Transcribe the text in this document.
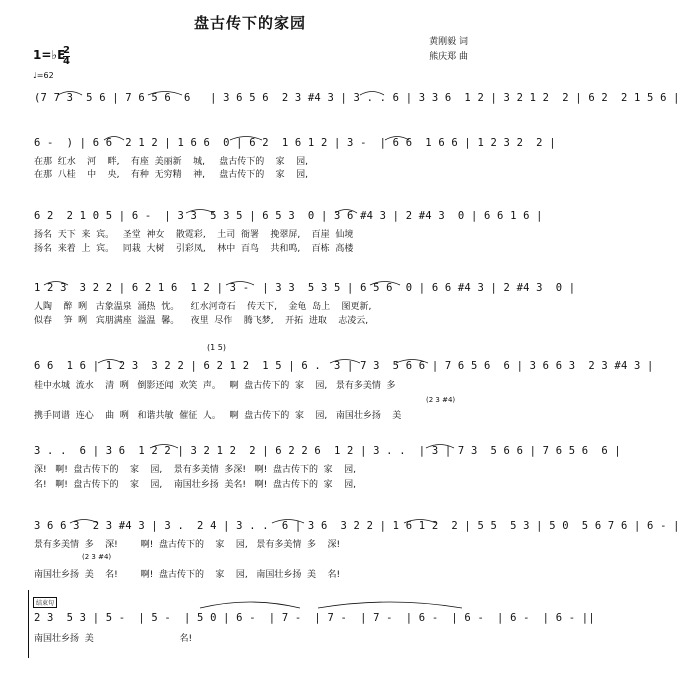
盘古传下的家园
1=♭E
2
4
♩=62
黄刚毅 词
熊庆郑 曲
(7 7 3  5 6 | 7 6 5 6  6   | 3 6 5 6  2 3 #4 3 | 3 . . 6 | 3 3 6  1 2 | 3 2 1 2  2 | 6 2  2 1 5 6 |
6 -  ) | 6 6  2 1 2 | 1 6 6  0 | 6 2  1 6 1 2 | 3 -  | 6 6  1 6 6 | 1 2 3 2  2 |
在那  红水    河    畔,    有座  美丽新    城,     盘古传下的    家    园,
在那  八桂    中    央,    有种  无穷精    神,     盘古传下的    家    园,
6 2  2 1 0 5 | 6 -  | 3 3  5 3 5 | 6 5 3  0 | 3 6 #4 3 | 2 #4 3  0 | 6 6 1 6 |
扬名  天下  来  宾。   圣堂  神女    散霓彩,    土司  衙署    挽翠屏,    百崖  仙境
扬名  来着  上  宾。   同栽  大树    引彩凤,    林中  百鸟    共和鸣,    百栋  高楼
1 2 3  3 2 2 | 6 2 1 6  1 2 | 3 -  | 3 3  5 3 5 | 6 5 6  0 | 6 6 #4 3 | 2 #4 3  0 |
人陶    醉  咧   古象温泉  涌热  忱。    红水河奇石    传天下,    金龟  岛上    图更新,
似春    笋  咧   宾朋满座  溢温  馨。    夜里  尽作    腾飞梦,    开拓  进取    志凌云,
(1 5)
6 6  1 6 | 1 2 3  3 2 2 | 6 2 1 2  1 5 | 6 .  3 | 7 3  5 6 6 | 7 6 5 6  6 | 3 6 6 3  2 3 #4 3 |
桂中水城  流水    清  咧   倒影还闻  欢笑  声。   啊  盘古传下的  家    园,   景有多美情  多
(2 3 #4)
携手同谱  连心    曲  咧   和谐共敏  催征  人。   啊  盘古传下的  家    园,   南国壮乡扬    美
3 . .  6 | 3 6  1 2 2 | 3 2 1 2  2 | 6 2 2 6  1 2 | 3 . .  | 3 | 7 3  5 6 6 | 7 6 5 6  6 |
深!   啊!  盘古传下的    家    园,    景有多美情  多深!   啊!  盘古传下的  家    园,
名!   啊!  盘古传下的    家    园,    南国壮乡扬  美名!   啊!  盘古传下的  家    园,
3 6 6 3  2 3 #4 3 | 3 .  2 4 | 3 . .  6 | 3 6  3 2 2 | 1 6 1 2  2 | 5 5  5 3 | 5 0  5 6 7 6 | 6 - |
景有多美情  多    深!        啊!  盘古传下的    家    园,   景有多美情  多    深!
(2 3 #4)
南国壮乡扬  美    名!        啊!  盘古传下的    家    园,   南国壮乡扬  美    名!
结束句
2 3  5 3 | 5 -  | 5 -  | 5 0 | 6 -  | 7 -  | 7 -  | 7 -  | 6 -  | 6 -  | 6 -  | 6 - ||
南国壮乡扬  美                              名!
